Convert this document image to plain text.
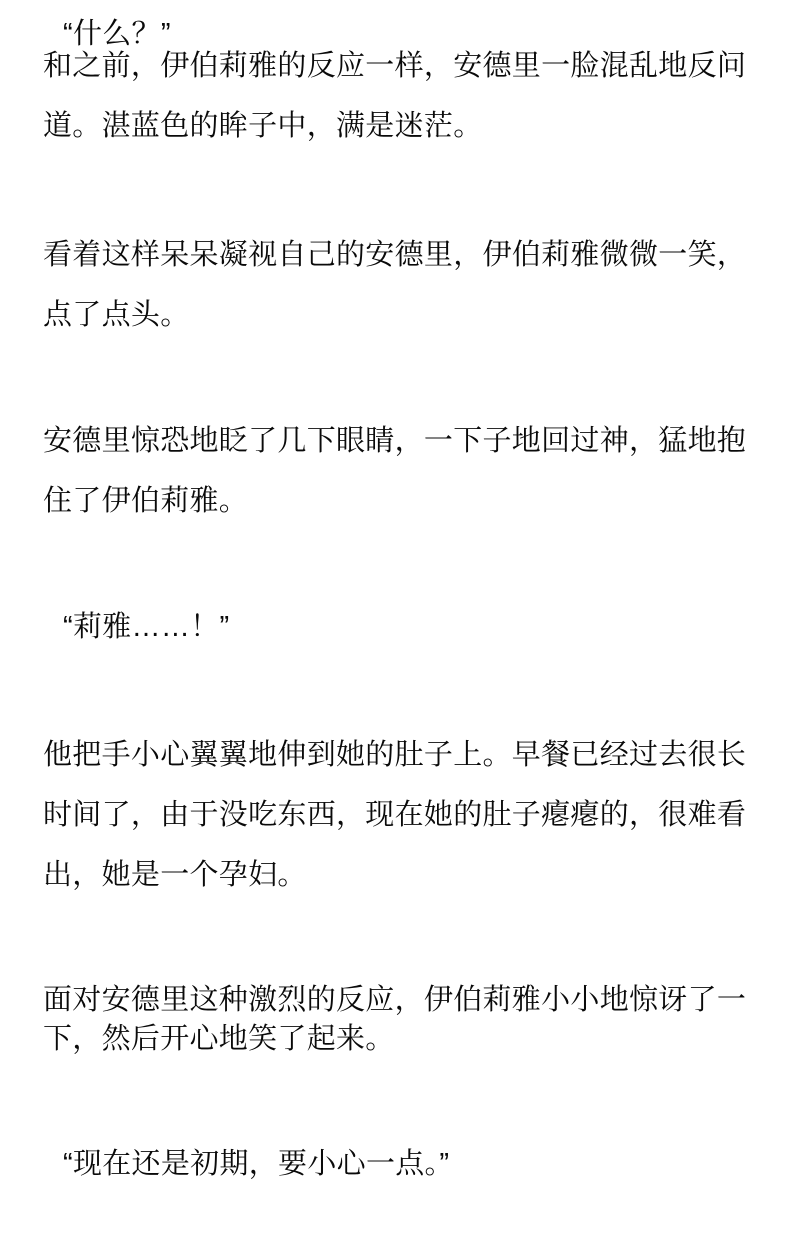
“什么？”
和之前，伊伯莉雅的反应一样，安德里一脸混乱地反问
道。湛蓝色的眸子中，满是迷茫。
看着这样呆呆凝视自己的安德里，伊伯莉雅微微一笑，
点了点头。
安德里惊恐地眨了几下眼睛，一下子地回过神，猛地抱
住了伊伯莉雅。
“莉雅……！”
他把手小心翼翼地伸到她的肚子上。早餐已经过去很长
时间了，由于没吃东西，现在她的肚子瘪瘪的，很难看
出，她是一个孕妇。
面对安德里这种激烈的反应，伊伯莉雅小小地惊讶了一
下，然后开心地笑了起来。
“现在还是初期，要小心一点。”
